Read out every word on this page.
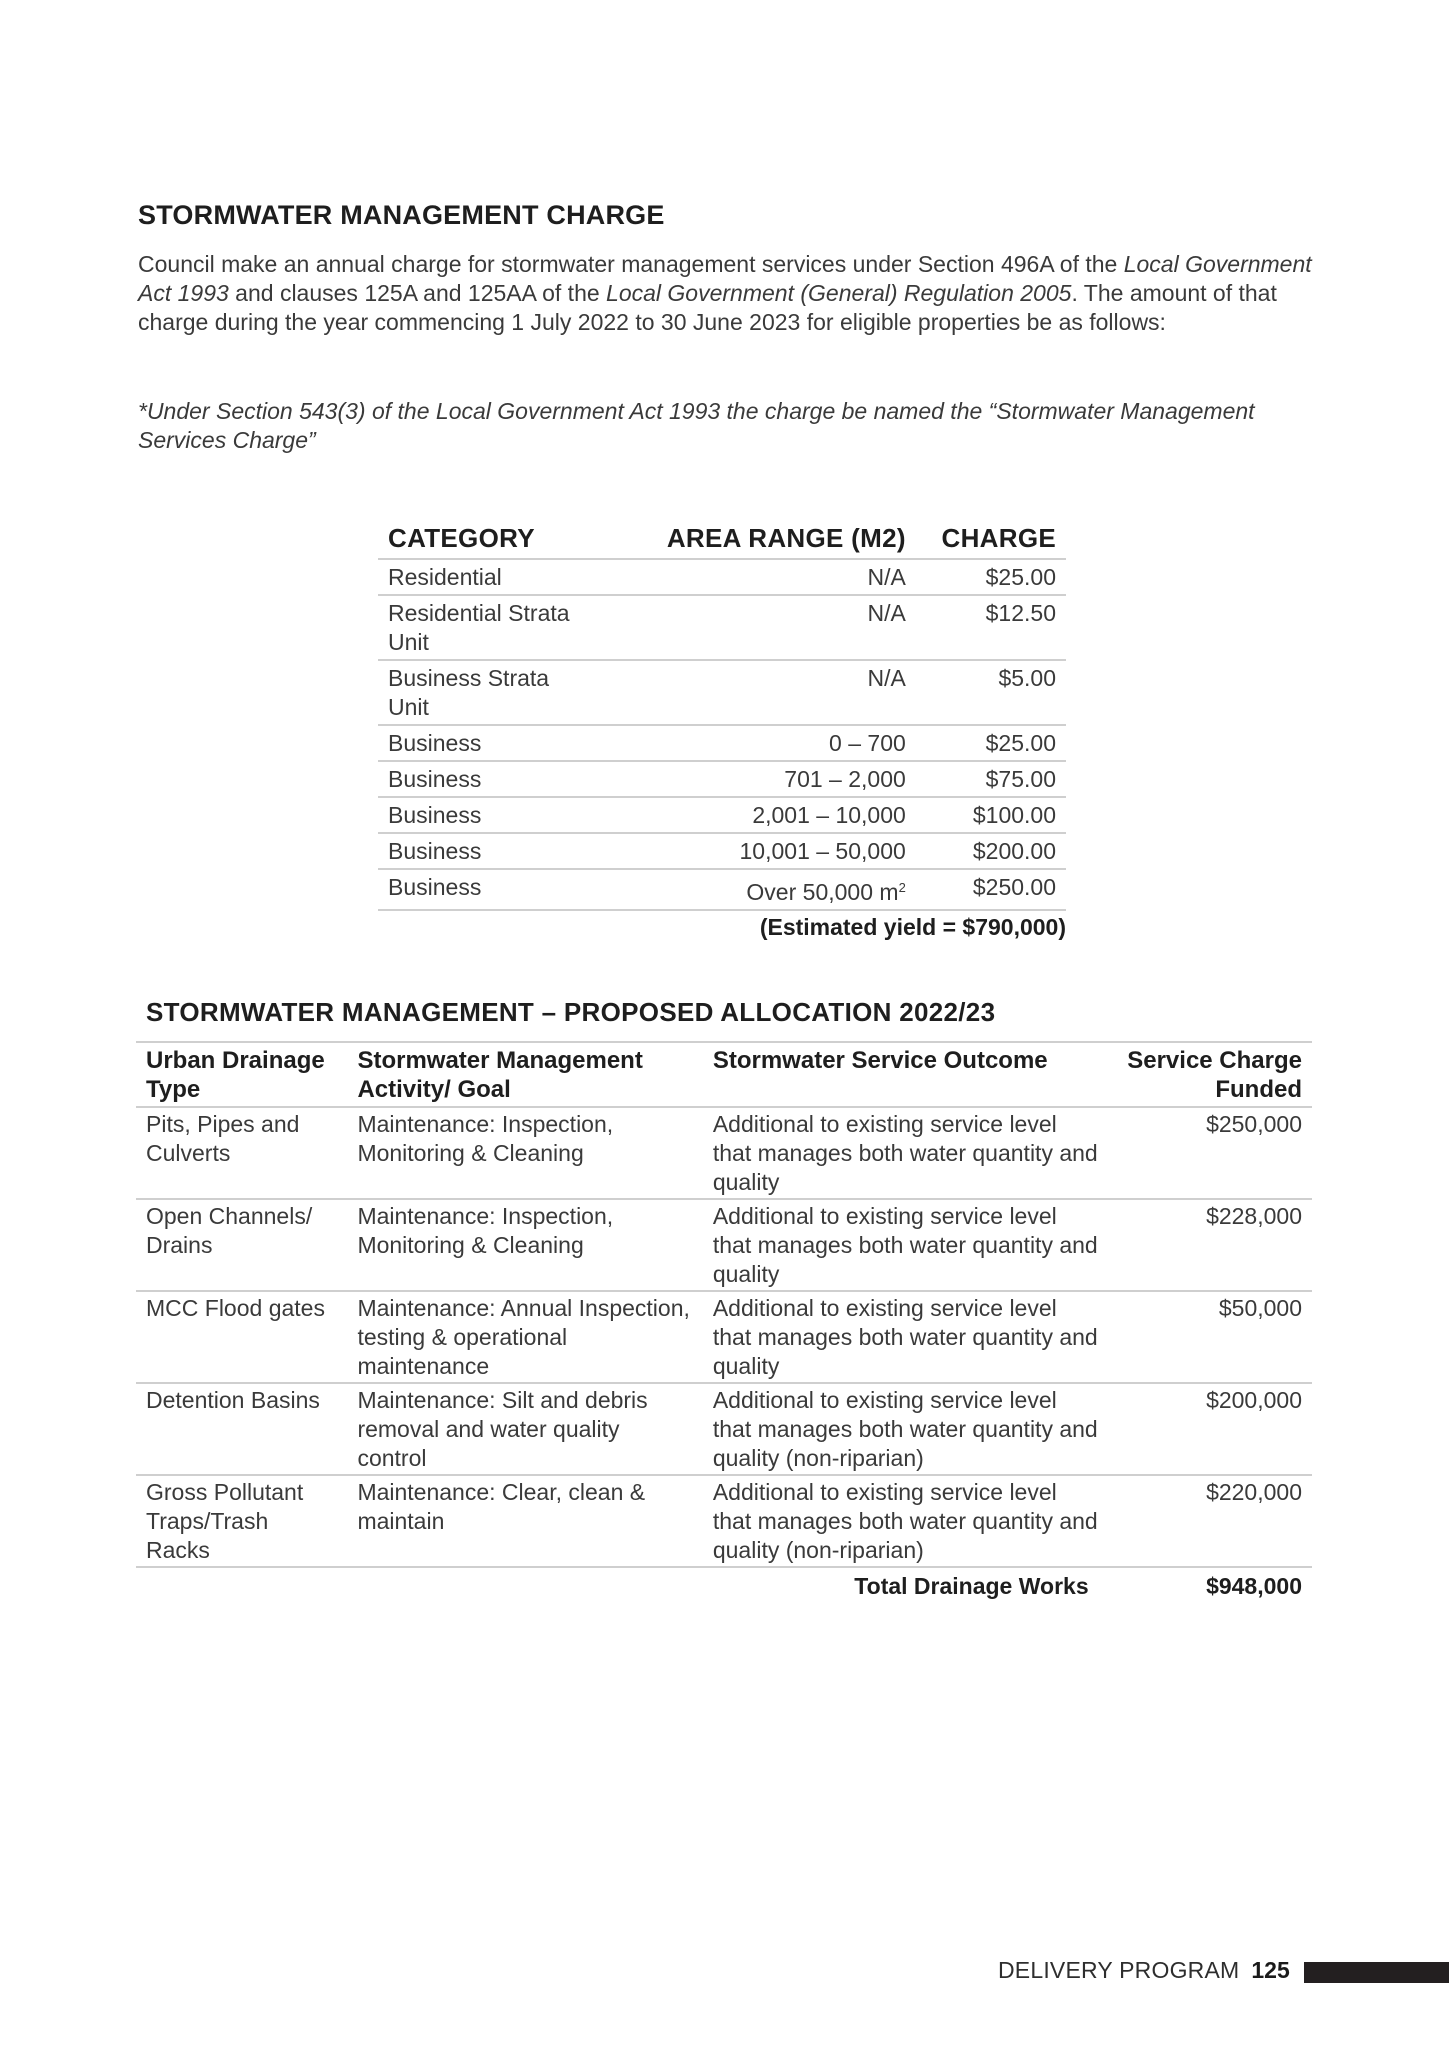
STORMWATER MANAGEMENT CHARGE

Council make an annual charge for stormwater management services under Section 496A of the Local Government Act 1993 and clauses 125A and 125AA of the Local Government (General) Regulation 2005. The amount of that charge during the year commencing 1 July 2022 to 30 June 2023 for eligible properties be as follows:

*Under Section 543(3) of the Local Government Act 1993 the charge be named the “Stormwater Management Services Charge”

CATEGORY	AREA RANGE (M2)	CHARGE
Residential	N/A	$25.00
Residential Strata Unit	N/A	$12.50
Business Strata Unit	N/A	$5.00
Business	0 – 700	$25.00
Business	701 – 2,000	$75.00
Business	2,001 – 10,000	$100.00
Business	10,001 – 50,000	$200.00
Business	Over 50,000 $m^2$	$250.00
(Estimated yield = $790,000)		
STORMWATER MANAGEMENT – PROPOSED ALLOCATION 2022/23
Urban Drainage Type	Stormwater Management Activity/ Goal	Stormwater Service Outcome	Service Charge Funded
Pits, Pipes and Culverts	Maintenance: Inspection, Monitoring & Cleaning	Additional to existing service level that manages both water quantity and quality	$250,000
Open Channels/ Drains	Maintenance: Inspection, Monitoring & Cleaning	Additional to existing service level that manages both water quantity and quality	$228,000
MCC Flood gates	Maintenance: Annual Inspection, testing & operational maintenance	Additional to existing service level that manages both water quantity and quality	$50,000
Detention Basins	Maintenance: Silt and debris removal and water quality control	Additional to existing service level that manages both water quantity and quality (non-riparian)	$200,000
Gross Pollutant Traps/Trash Racks	Maintenance: Clear, clean & maintain	Additional to existing service level that manages both water quantity and quality (non-riparian)	$220,000
Total Drainage Works			$948,000
DELIVERY PROGRAM 125
